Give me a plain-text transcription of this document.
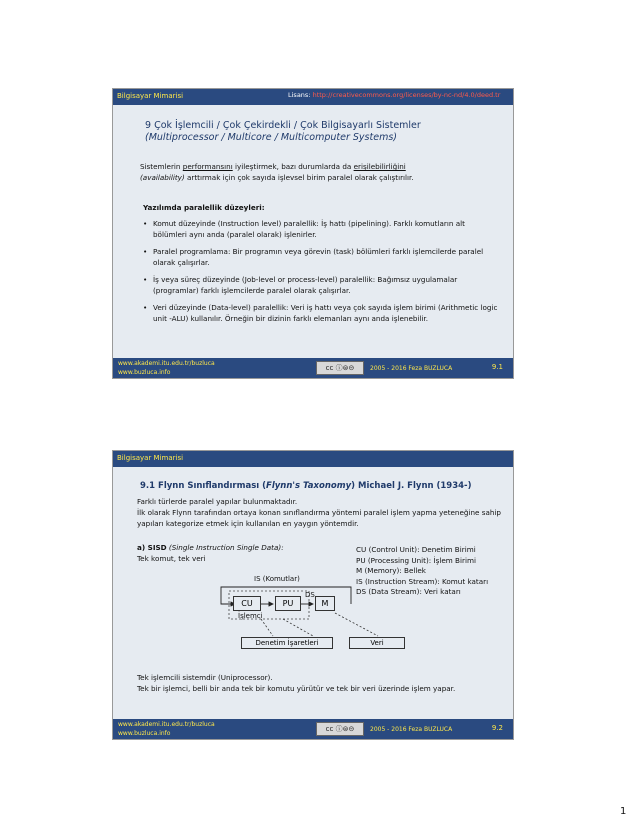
Bilgisayar Mimarisi	Lisans: http://creativecommons.org/licenses/by-nc-nd/4.0/deed.tr
9 Çok İşlemcili / Çok Çekirdekli / Çok Bilgisayarlı Sistemler
(Multiprocessor / Multicore / Multicomputer Systems)
Sistemlerin performansını iyileştirmek, bazı durumlarda da erişilebilirliğini
(availability) arttırmak için çok sayıda işlevsel birim paralel olarak çalıştırılır.
Yazılımda paralellik düzeyleri:
• Komut düzeyinde (Instruction level) paralellik: İş hattı (pipelining). Farklı komutların alt bölümleri aynı anda (paralel olarak) işlenirler.
• Paralel programlama: Bir programın veya görevin (task) bölümleri farklı işlemcilerde paralel olarak çalışırlar.
• İş veya süreç düzeyinde (Job-level or process-level) paralellik: Bağımsız uygulamalar (programlar) farklı işlemcilerde paralel olarak çalışırlar.
• Veri düzeyinde (Data-level) paralellik: Veri iş hattı veya çok sayıda işlem birimi (Arithmetic logic unit -ALU) kullanılır. Örneğin bir dizinin farklı elemanları aynı anda işlenebilir.
www.akademi.itu.edu.tr/buzluca
www.buzluca.info
cc ⓘ⊜⊝	2005 - 2016 Feza BUZLUCA	9.1
Bilgisayar Mimarisi
9.1 Flynn Sınıflandırması (Flynn's Taxonomy) Michael J. Flynn (1934-)
Farklı türlerde paralel yapılar bulunmaktadır.
İlk olarak Flynn tarafından ortaya konan sınıflandırma yöntemi paralel işlem yapma yeteneğine sahip yapıları kategorize etmek için kullanılan en yaygın yöntemdir.
a) SISD (Single Instruction Single Data):
Tek komut, tek veri
CU (Control Unit): Denetim Birimi
PU (Processing Unit): İşlem Birimi
M (Memory): Bellek
IS (Instruction Stream): Komut katarı
DS (Data Stream): Veri katarı
IS (Komutlar)
CU	PU
DS
M
İşlemci
Denetim İşaretleri	Veri
Tek işlemcili sistemdir (Uniprocessor).
Tek bir işlemci, belli bir anda tek bir komutu yürütür ve tek bir veri üzerinde işlem yapar.
www.akademi.itu.edu.tr/buzluca
www.buzluca.info
cc ⓘ⊜⊝	2005 - 2016 Feza BUZLUCA	9.2
1
